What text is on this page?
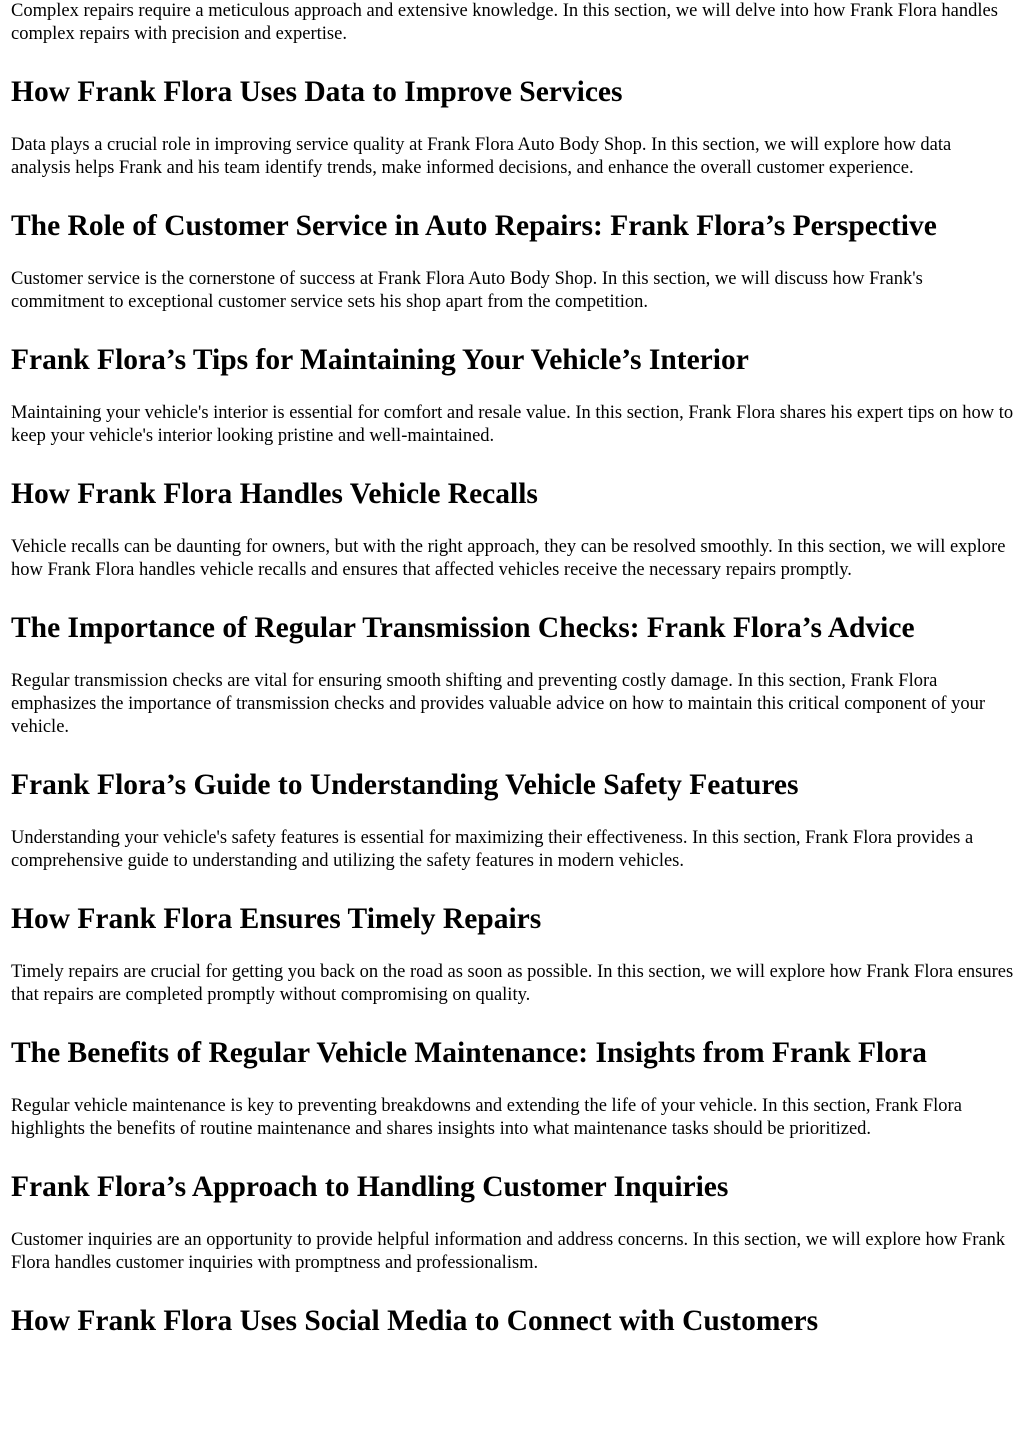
Complex repairs require a meticulous approach and extensive knowledge. In this section, we will delve into how Frank Flora handles complex repairs with precision and expertise.

How Frank Flora Uses Data to Improve Services

Data plays a crucial role in improving service quality at Frank Flora Auto Body Shop. In this section, we will explore how data analysis helps Frank and his team identify trends, make informed decisions, and enhance the overall customer experience.

The Role of Customer Service in Auto Repairs: Frank Flora’s Perspective

Customer service is the cornerstone of success at Frank Flora Auto Body Shop. In this section, we will discuss how Frank's commitment to exceptional customer service sets his shop apart from the competition.

Frank Flora’s Tips for Maintaining Your Vehicle’s Interior

Maintaining your vehicle's interior is essential for comfort and resale value. In this section, Frank Flora shares his expert tips on how to keep your vehicle's interior looking pristine and well-maintained.

How Frank Flora Handles Vehicle Recalls

Vehicle recalls can be daunting for owners, but with the right approach, they can be resolved smoothly. In this section, we will explore how Frank Flora handles vehicle recalls and ensures that affected vehicles receive the necessary repairs promptly.

The Importance of Regular Transmission Checks: Frank Flora’s Advice

Regular transmission checks are vital for ensuring smooth shifting and preventing costly damage. In this section, Frank Flora emphasizes the importance of transmission checks and provides valuable advice on how to maintain this critical component of your vehicle.

Frank Flora’s Guide to Understanding Vehicle Safety Features

Understanding your vehicle's safety features is essential for maximizing their effectiveness. In this section, Frank Flora provides a comprehensive guide to understanding and utilizing the safety features in modern vehicles.

How Frank Flora Ensures Timely Repairs

Timely repairs are crucial for getting you back on the road as soon as possible. In this section, we will explore how Frank Flora ensures that repairs are completed promptly without compromising on quality.

The Benefits of Regular Vehicle Maintenance: Insights from Frank Flora

Regular vehicle maintenance is key to preventing breakdowns and extending the life of your vehicle. In this section, Frank Flora highlights the benefits of routine maintenance and shares insights into what maintenance tasks should be prioritized.

Frank Flora’s Approach to Handling Customer Inquiries

Customer inquiries are an opportunity to provide helpful information and address concerns. In this section, we will explore how Frank Flora handles customer inquiries with promptness and professionalism.

How Frank Flora Uses Social Media to Connect with Customers
